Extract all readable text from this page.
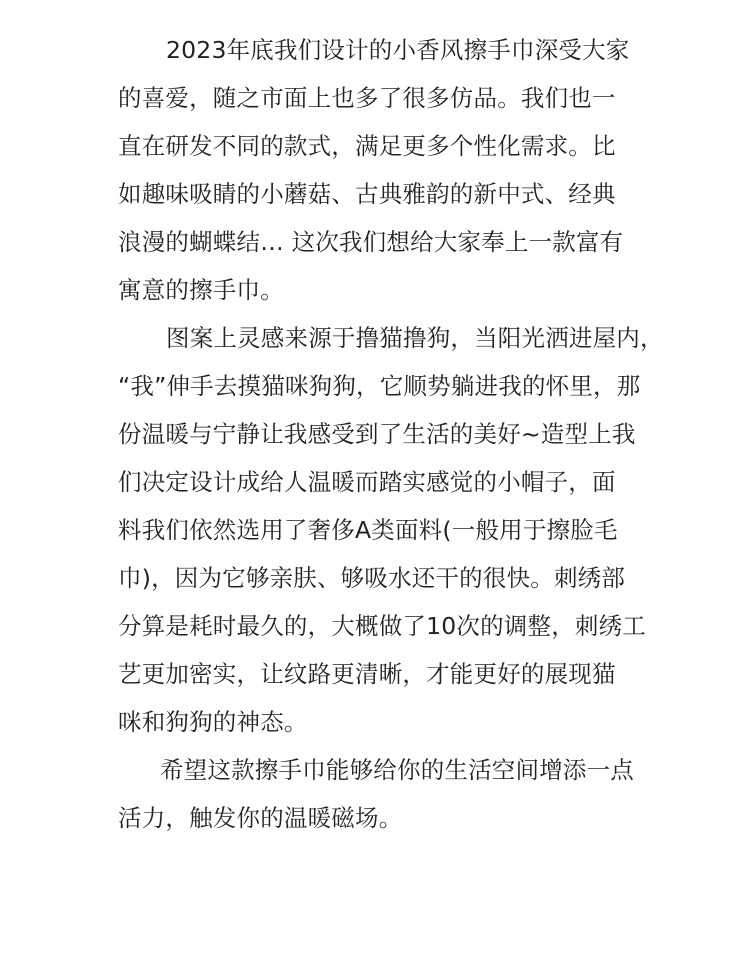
2023年底我们设计的小香风擦手巾深受大家
的喜爱，随之市面上也多了很多仿品。我们也一
直在研发不同的款式，满足更多个性化需求。比
如趣味吸睛的小蘑菇、古典雅韵的新中式、经典
浪漫的蝴蝶结… 这次我们想给大家奉上一款富有
寓意的擦手巾。
图案上灵感来源于撸猫撸狗，当阳光洒进屋内，
“我”伸手去摸猫咪狗狗，它顺势躺进我的怀里，那
份温暖与宁静让我感受到了生活的美好~造型上我
们决定设计成给人温暖而踏实感觉的小帽子，面
料我们依然选用了奢侈A类面料(一般用于擦脸毛
巾)，因为它够亲肤、够吸水还干的很快。刺绣部
分算是耗时最久的，大概做了10次的调整，刺绣工
艺更加密实，让纹路更清晰，才能更好的展现猫
咪和狗狗的神态。
希望这款擦手巾能够给你的生活空间增添一点
活力，触发你的温暖磁场。
